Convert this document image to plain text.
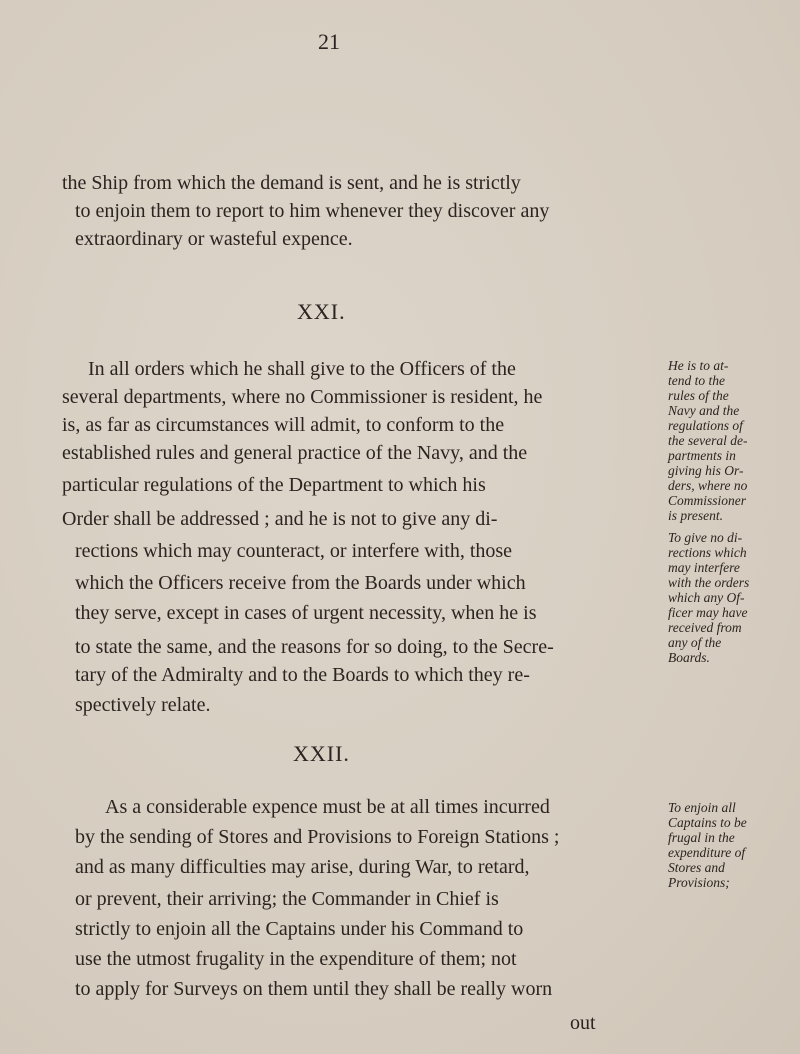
21
the Ship from which the demand is sent, and he is strictly
to enjoin them to report to him whenever they discover any
extraordinary or wasteful expence.
XXI.
In all orders which he shall give to the Officers of the
several departments, where no Commissioner is resident, he
is, as far as circumstances will admit, to conform to the
established rules and general practice of the Navy, and the
particular regulations of the Department to which his
Order shall be addressed ; and he is not to give any di-
rections which may counteract, or interfere with, those
which the Officers receive from the Boards under which
they serve, except in cases of urgent necessity, when he is
to state the same, and the reasons for so doing, to the Secre-
tary of the Admiralty and to the Boards to which they re-
spectively relate.
XXII.
As a considerable expence must be at all times incurred
by the sending of Stores and Provisions to Foreign Stations ;
and as many difficulties may arise, during War, to retard,
or prevent, their arriving; the Commander in Chief is
strictly to enjoin all the Captains under his Command to
use the utmost frugality in the expenditure of them; not
to apply for Surveys on them until they shall be really worn
He is to at-
tend to the
rules of the
Navy and the
regulations of
the several de-
partments in
giving his Or-
ders, where no
Commissioner
is present.
To give no di-
rections which
may interfere
with the orders
which any Of-
ficer may have
received from
any of the
Boards.
To enjoin all
Captains to be
frugal in the
expenditure of
Stores and
Provisions;
out
